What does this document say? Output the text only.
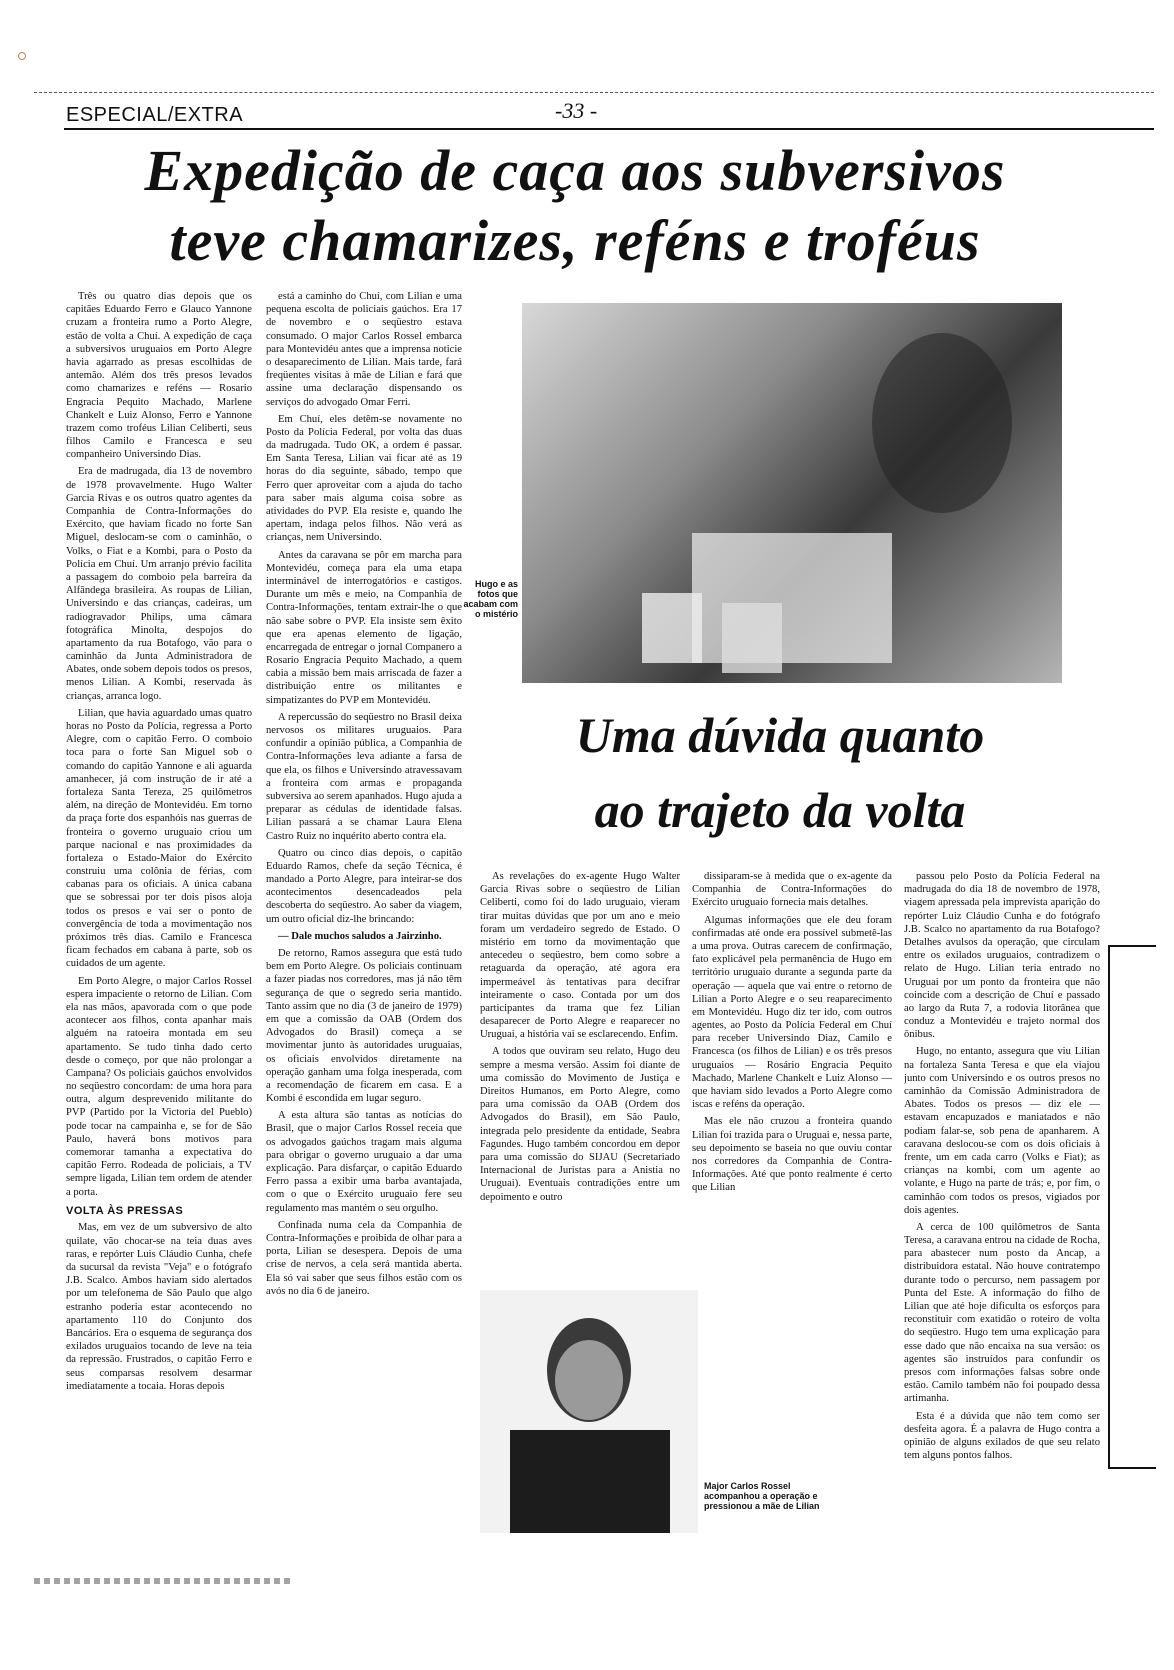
ESPECIAL/EXTRA	-33 -
Expedição de caça aos subversivos
teve chamarizes, reféns e troféus

Três ou quatro dias depois que os capitães Eduardo Ferro e Glauco Yannone cruzam a fronteira rumo a Porto Alegre, estão de volta a Chuí. A expedição de caça a subversivos uruguaios em Porto Alegre havia agarrado as presas escolhidas de antemão. Além dos três presos levados como chamarizes e reféns — Rosario Engracia Pequito Machado, Marlene Chankelt e Luiz Alonso, Ferro e Yannone trazem como troféus Lilian Celiberti, seus filhos Camilo e Francesca e seu companheiro Universindo Dias.

Era de madrugada, dia 13 de novembro de 1978 provavelmente. Hugo Walter Garcia Rivas e os outros quatro agentes da Companhia de Contra-Informações do Exército, que haviam ficado no forte San Miguel, deslocam-se com o caminhão, o Volks, o Fiat e a Kombi, para o Posto da Polícia em Chuí. Um arranjo prévio facilita a passagem do comboio pela barreira da Alfândega brasileira. As roupas de Lilian, Universindo e das crianças, cadeiras, um radiogravador Philips, uma câmara fotográfica Minolta, despojos do apartamento da rua Botafogo, vão para o caminhão da Junta Administradora de Abates, onde sobem depois todos os presos, menos Lilian. A Kombi, reservada às crianças, arranca logo.

Lilian, que havia aguardado umas quatro horas no Posto da Polícia, regressa a Porto Alegre, com o capitão Ferro. O comboio toca para o forte San Miguel sob o comando do capitão Yannone e ali aguarda amanhecer, já com instrução de ir até a fortaleza Santa Tereza, 25 quilômetros além, na direção de Montevidéu. Em torno da praça forte dos espanhóis nas guerras de fronteira o governo uruguaio criou um parque nacional e nas proximidades da fortaleza o Estado-Maior do Exército construiu uma colônia de férias, com cabanas para os oficiais. A única cabana que se sobressai por ter dois pisos aloja todos os presos e vai ser o ponto de convergência de toda a movimentação nos próximos três dias. Camilo e Francesca ficam fechados em cabana à parte, sob os cuidados de um agente.

Em Porto Alegre, o major Carlos Rossel espera impaciente o retorno de Lilian. Com ela nas mãos, apavorada com o que pode acontecer aos filhos, conta apanhar mais alguém na ratoeira montada em seu apartamento. Se tudo tinha dado certo desde o começo, por que não prolongar a Campana? Os policiais gaúchos envolvidos no seqüestro concordam: de uma hora para outra, algum desprevenido militante do PVP (Partido por la Victoria del Pueblo) pode tocar na campainha e, se for de São Paulo, haverá bons motivos para comemorar tamanha a expectativa do capitão Ferro. Rodeada de policiais, a TV sempre ligada, Lilian tem ordem de atender a porta.

VOLTA ÀS PRESSAS

Mas, em vez de um subversivo de alto quilate, vão chocar-se na teia duas aves raras, e repórter Luis Cláudio Cunha, chefe da sucursal da revista "Veja" e o fotógrafo J.B. Scalco. Ambos haviam sido alertados por um telefonema de São Paulo que algo estranho poderia estar acontecendo no apartamento 110 do Conjunto dos Bancários. Era o esquema de segurança dos exilados uruguaios tocando de leve na teia da repressão. Frustrados, o capitão Ferro e seus comparsas resolvem desarmar imediatamente a tocaia. Horas depois

está a caminho do Chuí, com Lilian e uma pequena escolta de policiais gaúchos. Era 17 de novembro e o seqüestro estava consumado. O major Carlos Rossel embarca para Montevidéu antes que a imprensa noticie o desaparecimento de Lilian. Mais tarde, fará freqüentes visitas à mãe de Lilian e fará que assine uma declaração dispensando os serviços do advogado Omar Ferri.

Em Chuí, eles detêm-se novamente no Posto da Polícia Federal, por volta das duas da madrugada. Tudo OK, a ordem é passar. Em Santa Teresa, Lilian vai ficar até as 19 horas do dia seguinte, sábado, tempo que Ferro quer aproveitar com a ajuda do tacho para saber mais alguma coisa sobre as atividades do PVP. Ela resiste e, quando lhe apertam, indaga pelos filhos. Não verá as crianças, nem Universindo.

Antes da caravana se pôr em marcha para Montevidéu, começa para ela uma etapa interminável de interrogatórios e castigos. Durante um mês e meio, na Companhia de Contra-Informações, tentam extrair-lhe o que não sabe sobre o PVP. Ela insiste sem êxito que era apenas elemento de ligação, encarregada de entregar o jornal Companero a Rosario Engracia Pequito Machado, a quem cabia a missão bem mais arriscada de fazer a distribuição entre os militantes e simpatizantes do PVP em Montevidéu.

A repercussão do seqüestro no Brasil deixa nervosos os militares uruguaios. Para confundir a opinião pública, a Companhia de Contra-Informações leva adiante a farsa de que ela, os filhos e Universindo atravessavam a fronteira com armas e propaganda subversiva ao serem apanhados. Hugo ajuda a preparar as cédulas de identidade falsas. Lilian passará a se chamar Laura Elena Castro Ruiz no inquérito aberto contra ela.

Quatro ou cinco dias depois, o capitão Eduardo Ramos, chefe da seção Técnica, é mandado a Porto Alegre, para inteirar-se dos acontecimentos desencadeados pela descoberta do seqüestro. Ao saber da viagem, um outro oficial diz-lhe brincando:

— Dale muchos saludos a Jairzinho.

De retorno, Ramos assegura que está tudo bem em Porto Alegre. Os policiais continuam a fazer piadas nos corredores, mas já não têm segurança de que o segredo seria mantido. Tanto assim que no dia (3 de janeiro de 1979) em que a comissão da OAB (Ordem dos Advogados do Brasil) começa a se movimentar junto às autoridades uruguaias, os oficiais envolvidos diretamente na operação ganham uma folga inesperada, com a recomendação de ficarem em casa. E a Kombi é escondida em lugar seguro.

A esta altura são tantas as notícias do Brasil, que o major Carlos Rossel receia que os advogados gaúchos tragam mais alguma para obrigar o governo uruguaio a dar uma explicação. Para disfarçar, o capitão Eduardo Ferro passa a exibir uma barba avantajada, com o que o Exército uruguaio fere seu regulamento mas mantém o seu orgulho.

Confinada numa cela da Companhia de Contra-Informações e proibida de olhar para a porta, Lilian se desespera. Depois de uma crise de nervos, a cela será mantida aberta. Ela só vai saber que seus filhos estão com os avós no dia 6 de janeiro.

Hugo e as fotos que acabam com o mistério
Uma dúvida quanto
ao trajeto da volta

As revelações do ex-agente Hugo Walter Garcia Rivas sobre o seqüestro de Lilian Celiberti, como foi do lado uruguaio, vieram tirar muitas dúvidas que por um ano e meio foram um verdadeiro segredo de Estado. O mistério em torno da movimentação que antecedeu o seqüestro, bem como sobre a retaguarda da operação, até agora era impermeável às tentativas para decifrar inteiramente o caso. Contada por um dos participantes da trama que fez Lilian desaparecer de Porto Alegre e reaparecer no Uruguai, a história vai se esclarecendo. Enfim.

A todos que ouviram seu relato, Hugo deu sempre a mesma versão. Assim foi diante de uma comissão do Movimento de Justiça e Direitos Humanos, em Porto Alegre, como para uma comissão da OAB (Ordem dos Advogados do Brasil), em São Paulo, integrada pelo presidente da entidade, Seabra Fagundes. Hugo também concordou em depor para uma comissão do SIJAU (Secretariado Internacional de Juristas para a Anistia no Uruguai). Eventuais contradições entre um depoimento e outro

dissiparam-se à medida que o ex-agente da Companhia de Contra-Informações do Exército uruguaio fornecia mais detalhes.

Algumas informações que ele deu foram confirmadas até onde era possível submetê-las a uma prova. Outras carecem de confirmação, fato explicável pela permanência de Hugo em território uruguaio durante a segunda parte da operação — aquela que vai entre o retorno de Lilian a Porto Alegre e o seu reaparecimento em Montevidéu. Hugo diz ter ido, com outros agentes, ao Posto da Polícia Federal em Chuí para receber Universindo Diaz, Camilo e Francesca (os filhos de Lilian) e os três presos uruguaios — Rosário Engracia Pequito Machado, Marlene Chankelt e Luiz Alonso — que haviam sido levados a Porto Alegre como iscas e reféns da operação.

Mas ele não cruzou a fronteira quando Lilian foi trazida para o Uruguai e, nessa parte, seu depoimento se baseia no que ouviu contar nos corredores da Companhia de Contra-Informações. Até que ponto realmente é certo que Lilian

passou pelo Posto da Polícia Federal na madrugada do dia 18 de novembro de 1978, viagem apressada pela imprevista aparição do repórter Luiz Cláudio Cunha e do fotógrafo J.B. Scalco no apartamento da rua Botafogo? Detalhes avulsos da operação, que circulam entre os exilados uruguaios, contradizem o relato de Hugo. Lilian teria entrado no Uruguai por um ponto da fronteira que não coincide com a descrição de Chuí e passado ao largo da Ruta 7, a rodovia litorânea que conduz a Montevidéu e trajeto normal dos ônibus.

Hugo, no entanto, assegura que viu Lilian na fortaleza Santa Teresa e que ela viajou junto com Universindo e os outros presos no caminhão da Comissão Administradora de Abates. Todos os presos — diz ele — estavam encapuzados e maniatados e não podiam falar-se, sob pena de apanharem. A caravana deslocou-se com os dois oficiais à frente, um em cada carro (Volks e Fiat); as crianças na kombi, com um agente ao volante, e Hugo na parte de trás; e, por fim, o caminhão com todos os presos, vigiados por dois agentes.

A cerca de 100 quilômetros de Santa Teresa, a caravana entrou na cidade de Rocha, para abastecer num posto da Ancap, a distribuidora estatal. Não houve contratempo durante todo o percurso, nem passagem por Punta del Este. A informação do filho de Lilian que até hoje dificulta os esforços para reconstituir com exatidão o roteiro de volta do seqüestro. Hugo tem uma explicação para esse dado que não encaixa na sua versão: os agentes são instruídos para confundir os presos com informações falsas sobre onde estão. Camilo também não foi poupado dessa artimanha.

Esta é a dúvida que não tem como ser desfeita agora. É a palavra de Hugo contra a opinião de alguns exilados de que seu relato tem alguns pontos falhos.

Major Carlos Rossel acompanhou a operação e pressionou a mãe de Lilian
